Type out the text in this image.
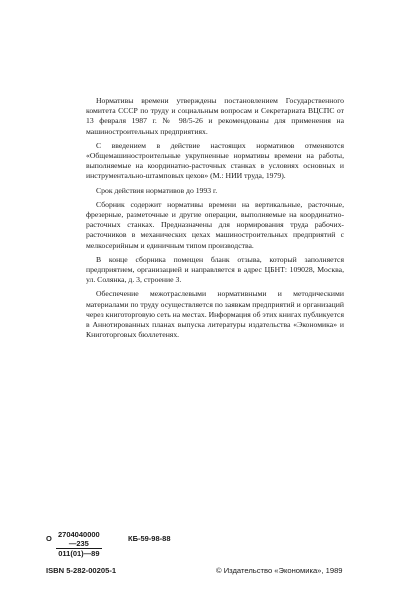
Нормативы времени утверждены постановлением Государственного комитета СССР по труду и социальным вопросам и Секретариата ВЦСПС от 13 февраля 1987 г. № 98/5-26 и рекомендованы для применения на машиностроительных предприятиях.

С введением в действие настоящих нормативов отменяются «Общемашиностроительные укрупненные нормативы времени на работы, выполняемые на координатно-расточных станках в условиях основных и инструментально-штамповых цехов» (М.: НИИ труда, 1979).

Срок действия нормативов до 1993 г.

Сборник содержит нормативы времени на вертикальные, расточные, фрезерные, разметочные и другие операции, выполняемые на координатно-расточных станках. Предназначены для нормирования труда рабочих-расточников в механических цехах машиностроительных предприятий с мелкосерийным и единичным типом производства.

В конце сборника помещен бланк отзыва, который заполняется предприятием, организацией и направляется в адрес ЦБНТ: 109028, Москва, ул. Солянка, д. 3, строение 3.

Обеспечение межотраслевыми нормативными и методическими материалами по труду осуществляется по заявкам предприятий и организаций через книготорговую сеть на местах. Информация об этих книгах публикуется в Аннотированных планах выпуска литературы издательства «Экономика» и Книготорговых бюллетенях.

О $\frac{2704040000—235}{011(01)—89}$	КБ-59-98-88
ISBN 5-282-00205-1	© Издательство «Экономика», 1989
